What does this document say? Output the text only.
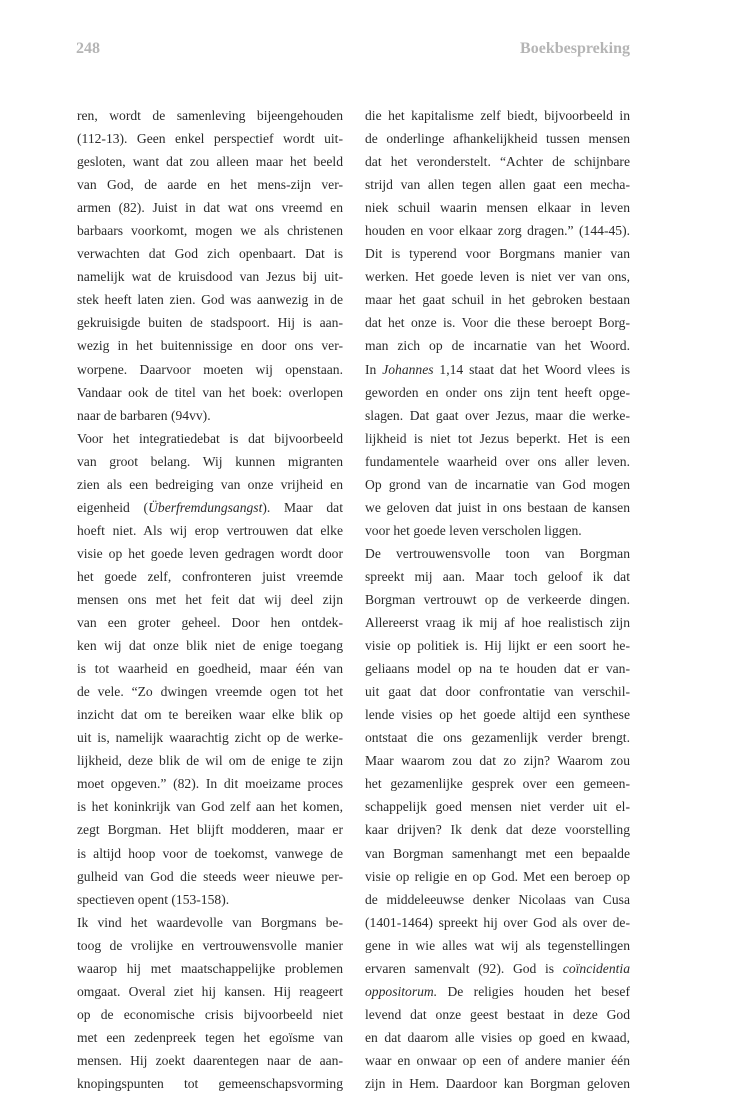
248	Boekbespreking
ren, wordt de samenleving bijeengehouden
(112-13). Geen enkel perspectief wordt uit-
gesloten, want dat zou alleen maar het beeld
van God, de aarde en het mens-zijn ver-
armen (82). Juist in dat wat ons vreemd en
barbaars voorkomt, mogen we als christenen
verwachten dat God zich openbaart. Dat is
namelijk wat de kruisdood van Jezus bij uit-
stek heeft laten zien. God was aanwezig in de
gekruisigde buiten de stadspoort. Hij is aan-
wezig in het buitennissige en door ons ver-
worpene. Daarvoor moeten wij openstaan.
Vandaar ook de titel van het boek: overlopen
naar de barbaren (94vv).
Voor het integratiedebat is dat bijvoorbeeld
van groot belang. Wij kunnen migranten
zien als een bedreiging van onze vrijheid en
eigenheid (Überfremdungsangst). Maar dat
hoeft niet. Als wij erop vertrouwen dat elke
visie op het goede leven gedragen wordt door
het goede zelf, confronteren juist vreemde
mensen ons met het feit dat wij deel zijn
van een groter geheel. Door hen ontdek-
ken wij dat onze blik niet de enige toegang
is tot waarheid en goedheid, maar één van
de vele. “Zo dwingen vreemde ogen tot het
inzicht dat om te bereiken waar elke blik op
uit is, namelijk waarachtig zicht op de werke-
lijkheid, deze blik de wil om de enige te zijn
moet opgeven.” (82). In dit moeizame proces
is het koninkrijk van God zelf aan het komen,
zegt Borgman. Het blijft modderen, maar er
is altijd hoop voor de toekomst, vanwege de
gulheid van God die steeds weer nieuwe per-
spectieven opent (153-158).
Ik vind het waardevolle van Borgmans be-
toog de vrolijke en vertrouwensvolle manier
waarop hij met maatschappelijke problemen
omgaat. Overal ziet hij kansen. Hij reageert
op de economische crisis bijvoorbeeld niet
met een zedenpreek tegen het egoïsme van
mensen. Hij zoekt daarentegen naar de aan-
knopingspunten tot gemeenschapsvorming
die het kapitalisme zelf biedt, bijvoorbeeld in
de onderlinge afhankelijkheid tussen mensen
dat het veronderstelt. “Achter de schijnbare
strijd van allen tegen allen gaat een mecha-
niek schuil waarin mensen elkaar in leven
houden en voor elkaar zorg dragen.” (144-45).
Dit is typerend voor Borgmans manier van
werken. Het goede leven is niet ver van ons,
maar het gaat schuil in het gebroken bestaan
dat het onze is. Voor die these beroept Borg-
man zich op de incarnatie van het Woord.
In Johannes 1,14 staat dat het Woord vlees is
geworden en onder ons zijn tent heeft opge-
slagen. Dat gaat over Jezus, maar die werke-
lijkheid is niet tot Jezus beperkt. Het is een
fundamentele waarheid over ons aller leven.
Op grond van de incarnatie van God mogen
we geloven dat juist in ons bestaan de kansen
voor het goede leven verscholen liggen.
De vertrouwensvolle toon van Borgman
spreekt mij aan. Maar toch geloof ik dat
Borgman vertrouwt op de verkeerde dingen.
Allereerst vraag ik mij af hoe realistisch zijn
visie op politiek is. Hij lijkt er een soort he-
geliaans model op na te houden dat er van-
uit gaat dat door confrontatie van verschil-
lende visies op het goede altijd een synthese
ontstaat die ons gezamenlijk verder brengt.
Maar waarom zou dat zo zijn? Waarom zou
het gezamenlijke gesprek over een gemeen-
schappelijk goed mensen niet verder uit el-
kaar drijven? Ik denk dat deze voorstelling
van Borgman samenhangt met een bepaalde
visie op religie en op God. Met een beroep op
de middeleeuwse denker Nicolaas van Cusa
(1401-1464) spreekt hij over God als over de-
gene in wie alles wat wij als tegenstellingen
ervaren samenvalt (92). God is coïncidentia
oppositorum. De religies houden het besef
levend dat onze geest bestaat in deze God
en dat daarom alle visies op goed en kwaad,
waar en onwaar op een of andere manier één
zijn in Hem. Daardoor kan Borgman geloven
